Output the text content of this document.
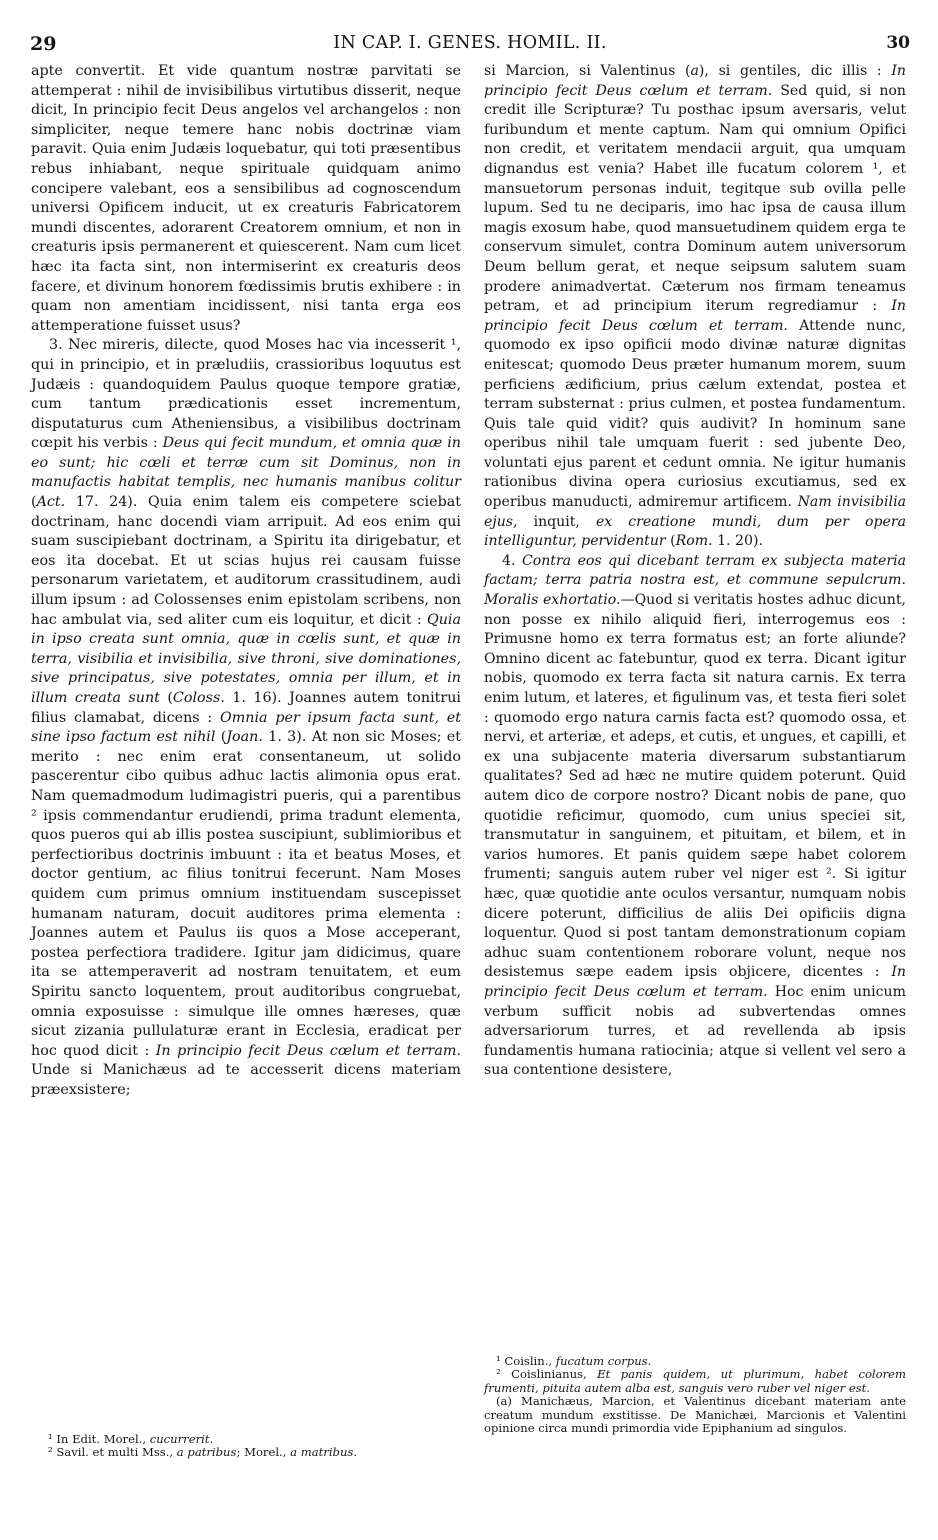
29	IN CAP. I. GENES. HOMIL. II.	30

apte convertit. Et vide quantum nostræ parvitati se attemperat : nihil de invisibilibus virtutibus disserit, neque dicit, In principio fecit Deus angelos vel archangelos : non simpliciter, neque temere hanc nobis doctrinæ viam paravit. Quia enim Judæis loquebatur, qui toti præsentibus rebus inhiabant, neque spirituale quidquam animo concipere valebant, eos a sensibilibus ad cognoscendum universi Opificem inducit, ut ex creaturis Fabricatorem mundi discentes, adorarent Creatorem omnium, et non in creaturis ipsis permanerent et quiescerent. Nam cum licet hæc ita facta sint, non intermiserint ex creaturis deos facere, et divinum honorem fœdissimis brutis exhibere : in quam non amentiam incidissent, nisi tanta erga eos attemperatione fuisset usus?

3. Nec mireris, dilecte, quod Moses hac via incesserit ¹, qui in principio, et in præludiis, crassioribus loquutus est Judæis : quandoquidem Paulus quoque tempore gratiæ, cum tantum prædicationis esset incrementum, disputaturus cum Atheniensibus, a visibilibus doctrinam cœpit his verbis : Deus qui fecit mundum, et omnia quæ in eo sunt; hic cœli et terræ cum sit Dominus, non in manufactis habitat templis, nec humanis manibus colitur (Act. 17. 24). Quia enim talem eis competere sciebat doctrinam, hanc docendi viam arripuit. Ad eos enim qui suam suscipiebant doctrinam, a Spiritu ita dirigebatur, et eos ita docebat. Et ut scias hujus rei causam fuisse personarum varietatem, et auditorum crassitudinem, audi illum ipsum : ad Colossenses enim epistolam scribens, non hac ambulat via, sed aliter cum eis loquitur, et dicit : Quia in ipso creata sunt omnia, quæ in cœlis sunt, et quæ in terra, visibilia et invisibilia, sive throni, sive dominationes, sive principatus, sive potestates, omnia per illum, et in illum creata sunt (Coloss. 1. 16). Joannes autem tonitrui filius clamabat, dicens : Omnia per ipsum facta sunt, et sine ipso factum est nihil (Joan. 1. 3). At non sic Moses; et merito : nec enim erat consentaneum, ut solido pascerentur cibo quibus adhuc lactis alimonia opus erat. Nam quemadmodum ludimagistri pueris, qui a parentibus ² ipsis commendantur erudiendi, prima tradunt elementa, quos pueros qui ab illis postea suscipiunt, sublimioribus et perfectioribus doctrinis imbuunt : ita et beatus Moses, et doctor gentium, ac filius tonitrui fecerunt. Nam Moses quidem cum primus omnium instituendam suscepisset humanam naturam, docuit auditores prima elementa : Joannes autem et Paulus iis quos a Mose acceperant, postea perfectiora tradidere. Igitur jam didicimus, quare ita se attemperaverit ad nostram tenuitatem, et eum Spiritu sancto loquentem, prout auditoribus congruebat, omnia exposuisse : simulque ille omnes hæreses, quæ sicut zizania pullulaturæ erant in Ecclesia, eradicat per hoc quod dicit : In principio fecit Deus cœlum et terram. Unde si Manichæus ad te accesserit dicens materiam præexsistere;

si Marcion, si Valentinus (a), si gentiles, dic illis : In principio fecit Deus cœlum et terram. Sed quid, si non credit ille Scripturæ? Tu posthac ipsum aversaris, velut furibundum et mente captum. Nam qui omnium Opifici non credit, et veritatem mendacii arguit, qua umquam dignandus est venia? Habet ille fucatum colorem ¹, et mansuetorum personas induit, tegitque sub ovilla pelle lupum. Sed tu ne deciparis, imo hac ipsa de causa illum magis exosum habe, quod mansuetudinem quidem erga te conservum simulet, contra Dominum autem universorum Deum bellum gerat, et neque seipsum salutem suam prodere animadvertat. Cæterum nos firmam teneamus petram, et ad principium iterum regrediamur : In principio fecit Deus cœlum et terram. Attende nunc, quomodo ex ipso opificii modo divinæ naturæ dignitas enitescat; quomodo Deus præter humanum morem, suum perficiens ædificium, prius cælum extendat, postea et terram substernat : prius culmen, et postea fundamentum. Quis tale quid vidit? quis audivit? In hominum sane operibus nihil tale umquam fuerit : sed jubente Deo, voluntati ejus parent et cedunt omnia. Ne igitur humanis rationibus divina opera curiosius excutiamus, sed ex operibus manuducti, admiremur artificem. Nam invisibilia ejus, inquit, ex creatione mundi, dum per opera intelliguntur, pervidentur (Rom. 1. 20).

4. Contra eos qui dicebant terram ex subjecta materia factam; terra patria nostra est, et commune sepulcrum. Moralis exhortatio.—Quod si veritatis hostes adhuc dicunt, non posse ex nihilo aliquid fieri, interrogemus eos : Primusne homo ex terra formatus est; an forte aliunde? Omnino dicent ac fatebuntur, quod ex terra. Dicant igitur nobis, quomodo ex terra facta sit natura carnis. Ex terra enim lutum, et lateres, et figulinum vas, et testa fieri solet : quomodo ergo natura carnis facta est? quomodo ossa, et nervi, et arteriæ, et adeps, et cutis, et ungues, et capilli, et ex una subjacente materia diversarum substantiarum qualitates? Sed ad hæc ne mutire quidem poterunt. Quid autem dico de corpore nostro? Dicant nobis de pane, quo quotidie reficimur, quomodo, cum unius speciei sit, transmutatur in sanguinem, et pituitam, et bilem, et in varios humores. Et panis quidem sæpe habet colorem frumenti; sanguis autem ruber vel niger est ². Si igitur hæc, quæ quotidie ante oculos versantur, numquam nobis dicere poterunt, difficilius de aliis Dei opificiis digna loquentur. Quod si post tantam demonstrationum copiam adhuc suam contentionem roborare volunt, neque nos desistemus sæpe eadem ipsis objicere, dicentes : In principio fecit Deus cœlum et terram. Hoc enim unicum verbum sufficit nobis ad subvertendas omnes adversariorum turres, et ad revellenda ab ipsis fundamentis humana ratiocinia; atque si vellent vel sero a sua contentione desistere,

¹ In Edit. Morel., cucurrerit.

² Savil. et multi Mss., a patribus; Morel., a matribus.

¹ Coislin., fucatum corpus.

² Coislinianus, Et panis quidem, ut plurimum, habet colorem frumenti, pituita autem alba est, sanguis vero ruber vel niger est.

(a) Manichæus, Marcion, et Valentinus dicebant materiam ante creatum mundum exstitisse. De Manichæi, Marcionis et Valentini opinione circa mundi primordia vide Epiphanium ad singulos.
